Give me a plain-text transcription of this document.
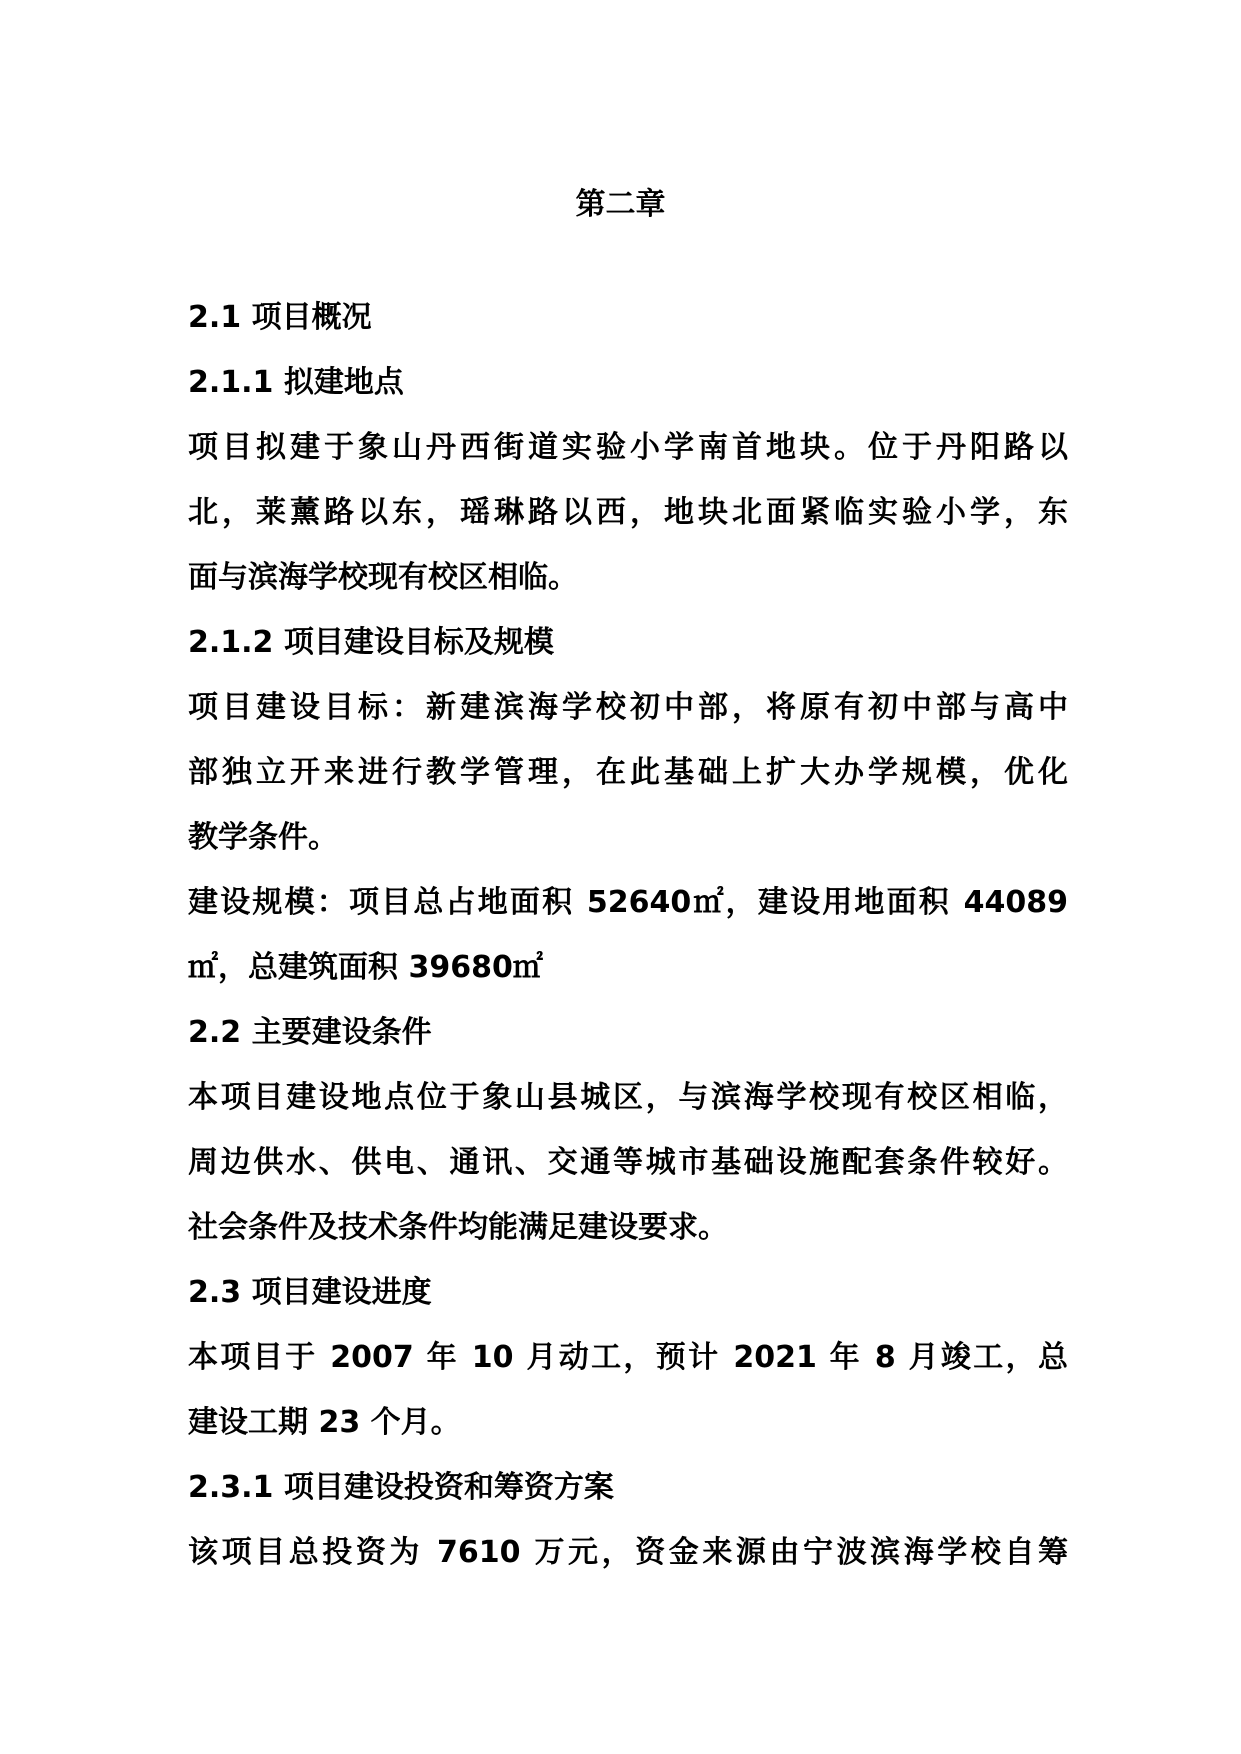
第二章

2.1 项目概况

2.1.1 拟建地点

项目拟建于象山丹西街道实验小学南首地块。位于丹阳路以

北，莱薰路以东，瑶琳路以西，地块北面紧临实验小学，东

面与滨海学校现有校区相临。

2.1.2 项目建设目标及规模

项目建设目标：新建滨海学校初中部，将原有初中部与高中

部独立开来进行教学管理，在此基础上扩大办学规模，优化

教学条件。

建设规模：项目总占地面积 52640㎡，建设用地面积 44089

㎡，总建筑面积 39680㎡

2.2 主要建设条件

本项目建设地点位于象山县城区，与滨海学校现有校区相临，

周边供水、供电、通讯、交通等城市基础设施配套条件较好。

社会条件及技术条件均能满足建设要求。

2.3 项目建设进度

本项目于 2007 年 10 月动工，预计 2021 年 8 月竣工，总

建设工期 23 个月。

2.3.1 项目建设投资和筹资方案

该项目总投资为 7610 万元，资金来源由宁波滨海学校自筹
